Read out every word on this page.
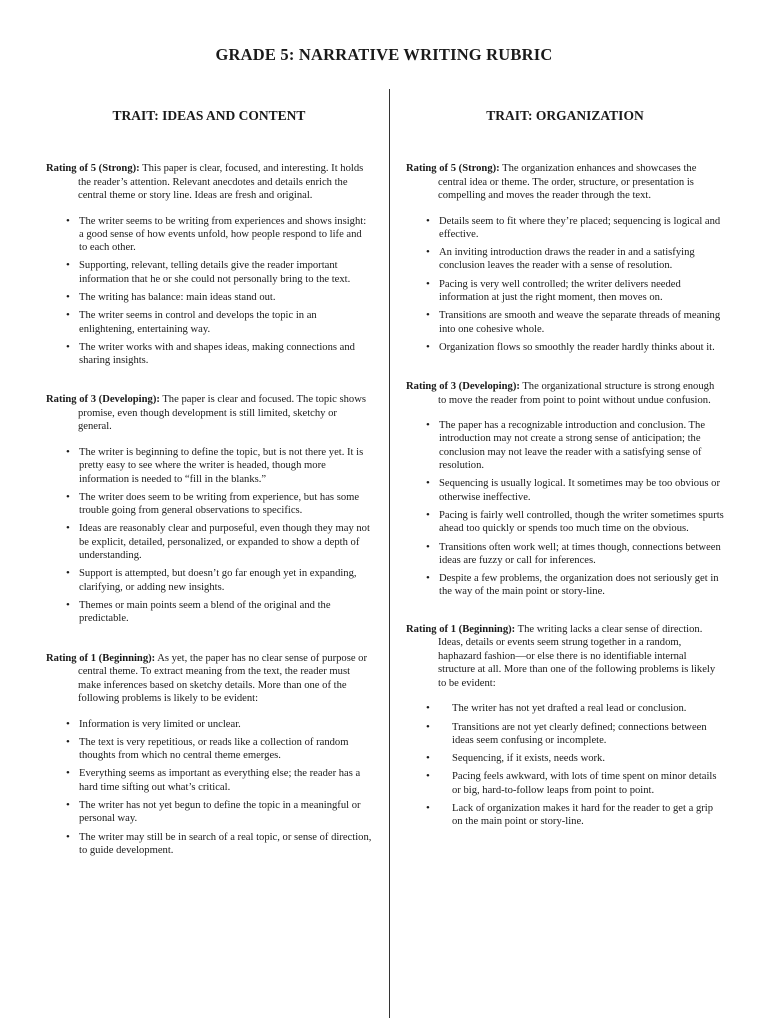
GRADE 5: NARRATIVE WRITING RUBRIC
TRAIT: IDEAS AND CONTENT

Rating of 5 (Strong): This paper is clear, focused, and interesting. It holds the reader’s attention. Relevant anecdotes and details enrich the central theme or story line. Ideas are fresh and original.

• The writer seems to be writing from experiences and shows insight: a good sense of how events unfold, how people respond to life and to each other.
• Supporting, relevant, telling details give the reader important information that he or she could not personally bring to the text.
• The writing has balance: main ideas stand out.
• The writer seems in control and develops the topic in an enlightening, entertaining way.
• The writer works with and shapes ideas, making connections and sharing insights.

Rating of 3 (Developing): The paper is clear and focused. The topic shows promise, even though development is still limited, sketchy or general.

• The writer is beginning to define the topic, but is not there yet. It is pretty easy to see where the writer is headed, though more information is needed to “fill in the blanks.”
• The writer does seem to be writing from experience, but has some trouble going from general observations to specifics.
• Ideas are reasonably clear and purposeful, even though they may not be explicit, detailed, personalized, or expanded to show a depth of understanding.
• Support is attempted, but doesn’t go far enough yet in expanding, clarifying, or adding new insights.
• Themes or main points seem a blend of the original and the predictable.

Rating of 1 (Beginning): As yet, the paper has no clear sense of purpose or central theme. To extract meaning from the text, the reader must make inferences based on sketchy details. More than one of the following problems is likely to be evident:

• Information is very limited or unclear.
• The text is very repetitious, or reads like a collection of random thoughts from which no central theme emerges.
• Everything seems as important as everything else; the reader has a hard time sifting out what’s critical.
• The writer has not yet begun to define the topic in a meaningful or personal way.
• The writer may still be in search of a real topic, or sense of direction, to guide development.
TRAIT: ORGANIZATION

Rating of 5 (Strong): The organization enhances and showcases the central idea or theme. The order, structure, or presentation is compelling and moves the reader through the text.

• Details seem to fit where they’re placed; sequencing is logical and effective.
• An inviting introduction draws the reader in and a satisfying conclusion leaves the reader with a sense of resolution.
• Pacing is very well controlled; the writer delivers needed information at just the right moment, then moves on.
• Transitions are smooth and weave the separate threads of meaning into one cohesive whole.
• Organization flows so smoothly the reader hardly thinks about it.

Rating of 3 (Developing): The organizational structure is strong enough to move the reader from point to point without undue confusion.

• The paper has a recognizable introduction and conclusion. The introduction may not create a strong sense of anticipation; the conclusion may not leave the reader with a satisfying sense of resolution.
• Sequencing is usually logical. It sometimes may be too obvious or otherwise ineffective.
• Pacing is fairly well controlled, though the writer sometimes spurts ahead too quickly or spends too much time on the obvious.
• Transitions often work well; at times though, connections between ideas are fuzzy or call for inferences.
• Despite a few problems, the organization does not seriously get in the way of the main point or story-line.

Rating of 1 (Beginning): The writing lacks a clear sense of direction. Ideas, details or events seem strung together in a random, haphazard fashion—or else there is no identifiable internal structure at all. More than one of the following problems is likely to be evident:

• The writer has not yet drafted a real lead or conclusion.
• Transitions are not yet clearly defined; connections between ideas seem confusing or incomplete.
• Sequencing, if it exists, needs work.
• Pacing feels awkward, with lots of time spent on minor details or big, hard-to-follow leaps from point to point.
• Lack of organization makes it hard for the reader to get a grip on the main point or story-line.
